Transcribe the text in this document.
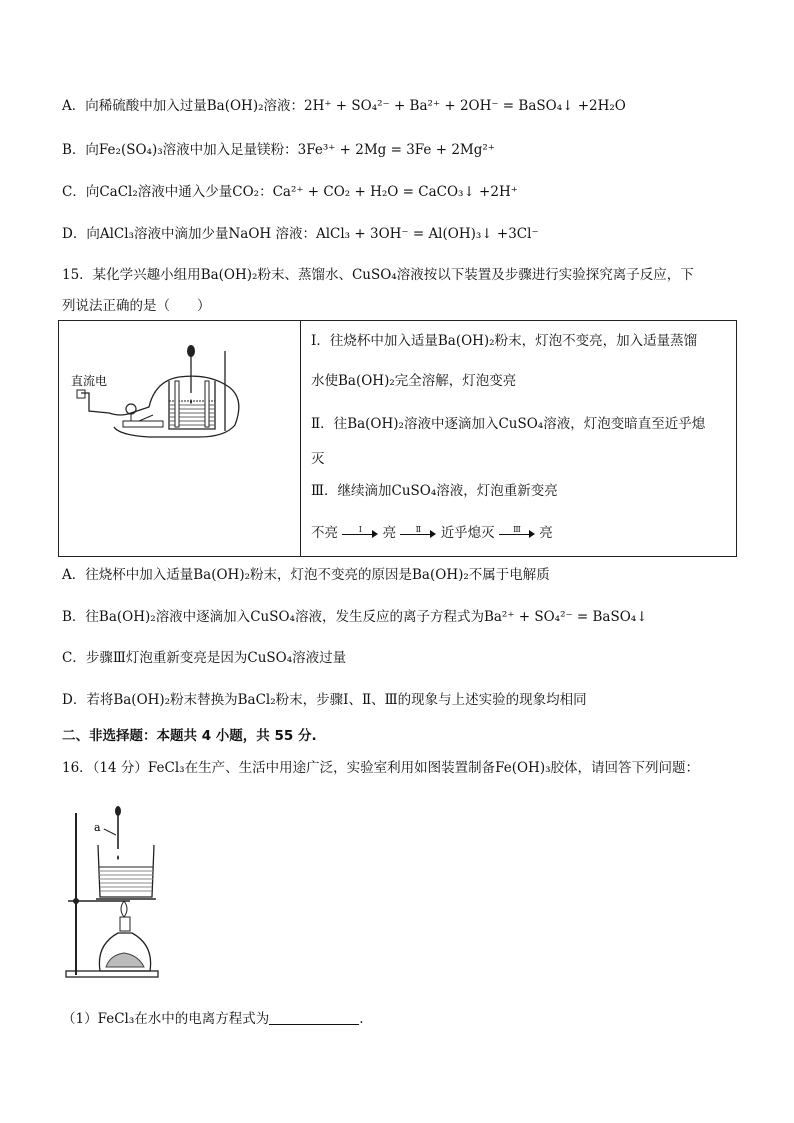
A．向稀硫酸中加入过量Ba(OH)₂溶液：2H⁺ + SO₄²⁻ + Ba²⁺ + 2OH⁻ = BaSO₄↓ +2H₂O
B．向Fe₂(SO₄)₃溶液中加入足量镁粉：3Fe³⁺ + 2Mg = 3Fe + 2Mg²⁺
C．向CaCl₂溶液中通入少量CO₂：Ca²⁺ + CO₂ + H₂O = CaCO₃↓ +2H⁺
D．向AlCl₃溶液中滴加少量NaOH 溶液：AlCl₃ + 3OH⁻ = Al(OH)₃↓ +3Cl⁻
15．某化学兴趣小组用Ba(OH)₂粉末、蒸馏水、CuSO₄溶液按以下装置及步骤进行实验探究离子反应，下
列说法正确的是（　　）
直流电

Ⅰ．往烧杯中加入适量Ba(OH)₂粉末，灯泡不变亮，加入适量蒸馏
水使Ba(OH)₂完全溶解，灯泡变亮
Ⅱ．往Ba(OH)₂溶液中逐滴加入CuSO₄溶液，灯泡变暗直至近乎熄
灭
Ⅲ．继续滴加CuSO₄溶液，灯泡重新变亮
不亮	Ⅰ	亮	Ⅱ	近乎熄灭	Ⅲ	亮
A．往烧杯中加入适量Ba(OH)₂粉末，灯泡不变亮的原因是Ba(OH)₂不属于电解质
B．往Ba(OH)₂溶液中逐滴加入CuSO₄溶液，发生反应的离子方程式为Ba²⁺ + SO₄²⁻ = BaSO₄↓
C．步骤Ⅲ灯泡重新变亮是因为CuSO₄溶液过量
D．若将Ba(OH)₂粉末替换为BaCl₂粉末，步骤Ⅰ、Ⅱ、Ⅲ的现象与上述实验的现象均相同
二、非选择题：本题共 4 小题，共 55 分.
16．（14 分）FeCl₃在生产、生活中用途广泛，实验室利用如图装置制备Fe(OH)₃胶体，请回答下列问题：
a
（1）FeCl₃在水中的电离方程式为	.
